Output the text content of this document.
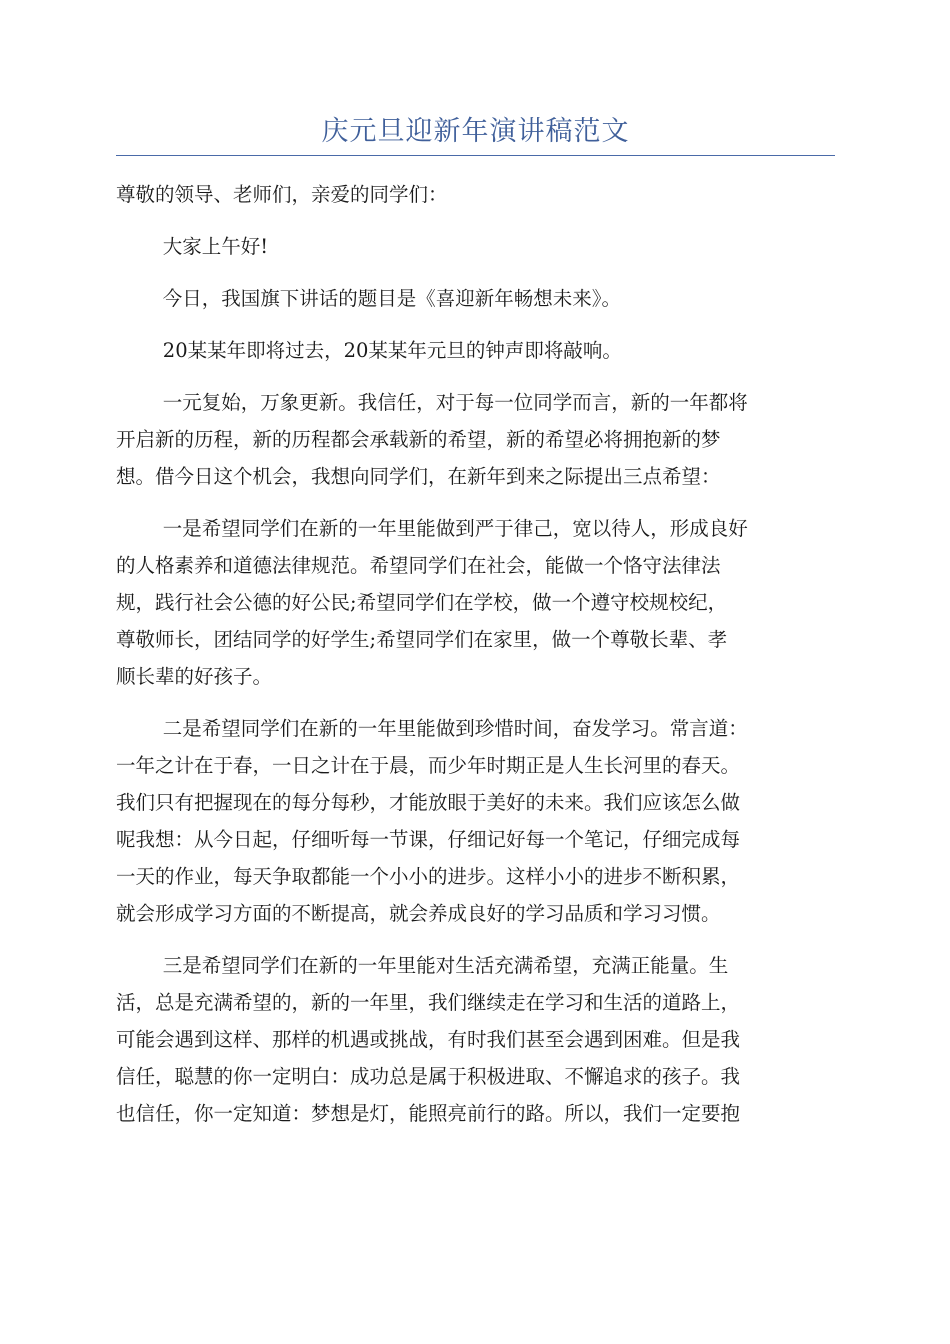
庆元旦迎新年演讲稿范文

尊敬的领导、老师们，亲爱的同学们：

大家上午好!

今日，我国旗下讲话的题目是《喜迎新年畅想未来》。

20某某年即将过去，20某某年元旦的钟声即将敲响。

一元复始，万象更新。我信任，对于每一位同学而言，新的一年都将
开启新的历程，新的历程都会承载新的希望，新的希望必将拥抱新的梦
想。借今日这个机会，我想向同学们，在新年到来之际提出三点希望：

一是希望同学们在新的一年里能做到严于律己，宽以待人，形成良好
的人格素养和道德法律规范。希望同学们在社会，能做一个恪守法律法
规，践行社会公德的好公民;希望同学们在学校，做一个遵守校规校纪，
尊敬师长，团结同学的好学生;希望同学们在家里，做一个尊敬长辈、孝
顺长辈的好孩子。

二是希望同学们在新的一年里能做到珍惜时间，奋发学习。常言道：
一年之计在于春，一日之计在于晨，而少年时期正是人生长河里的春天。
我们只有把握现在的每分每秒，才能放眼于美好的未来。我们应该怎么做
呢我想：从今日起，仔细听每一节课，仔细记好每一个笔记，仔细完成每
一天的作业，每天争取都能一个小小的进步。这样小小的进步不断积累，
就会形成学习方面的不断提高，就会养成良好的学习品质和学习习惯。

三是希望同学们在新的一年里能对生活充满希望，充满正能量。生
活，总是充满希望的，新的一年里，我们继续走在学习和生活的道路上，
可能会遇到这样、那样的机遇或挑战，有时我们甚至会遇到困难。但是我
信任，聪慧的你一定明白：成功总是属于积极进取、不懈追求的孩子。我
也信任，你一定知道：梦想是灯，能照亮前行的路。所以，我们一定要抱
